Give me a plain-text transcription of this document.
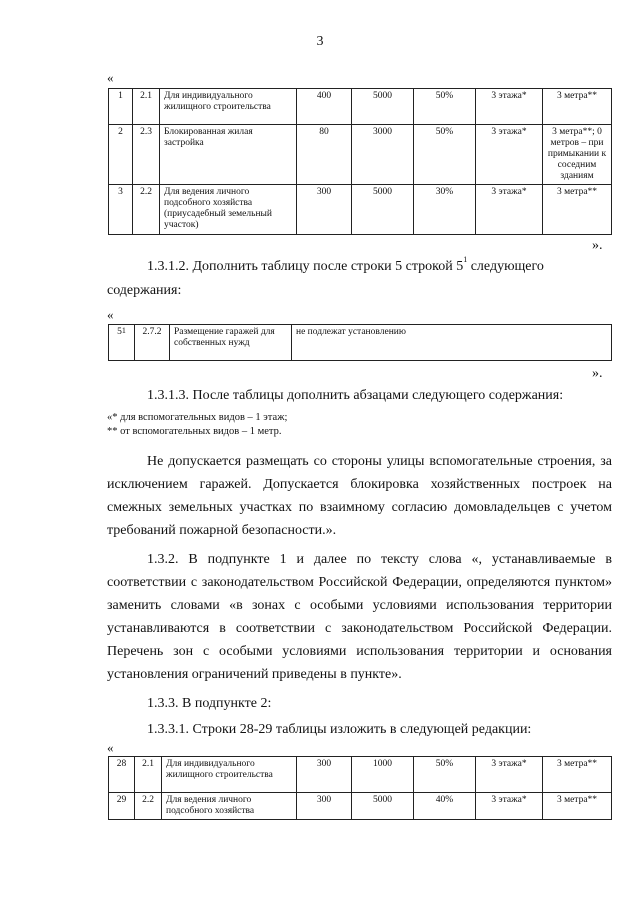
3
«
1	2.1	Для индивидуального жилищного строительства	400	5000	50%	3 этажа*	3 метра**
2	2.3	Блокированная жилая застройка	80	3000	50%	3 этажа*	3 метра**; 0 метров – при примыкании к соседним зданиям
3	2.2	Для ведения личного подсобного хозяйства (приусадебный земельный участок)	300	5000	30%	3 этажа*	3 метра**
».
1.3.1.2. Дополнить таблицу после строки 5 строкой $5^1$ следующего
содержания:
«
$5^1$	2.7.2	Размещение гаражей для собственных нужд	не подлежат установлению
».
1.3.1.3. После таблицы дополнить абзацами следующего содержания:
«* для вспомогательных видов – 1 этаж;
** от вспомогательных видов – 1 метр.
Не допускается размещать со стороны улицы вспомогательные строения, за исключением гаражей. Допускается блокировка хозяйственных построек на смежных земельных участках по взаимному согласию домовладельцев с учетом требований пожарной безопасности.».
1.3.2. В подпункте 1 и далее по тексту слова «, устанавливаемые в соответствии с законодательством Российской Федерации, определяются пунктом» заменить словами «в зонах с особыми условиями использования территории устанавливаются в соответствии с законодательством Российской Федерации. Перечень зон с особыми условиями использования территории и основания установления ограничений приведены в пункте».
1.3.3. В подпункте 2:
1.3.3.1. Строки 28-29 таблицы изложить в следующей редакции:
«
28	2.1	Для индивидуального жилищного строительства	300	1000	50%	3 этажа*	3 метра**
29	2.2	Для ведения личного подсобного хозяйства	300	5000	40%	3 этажа*	3 метра**
